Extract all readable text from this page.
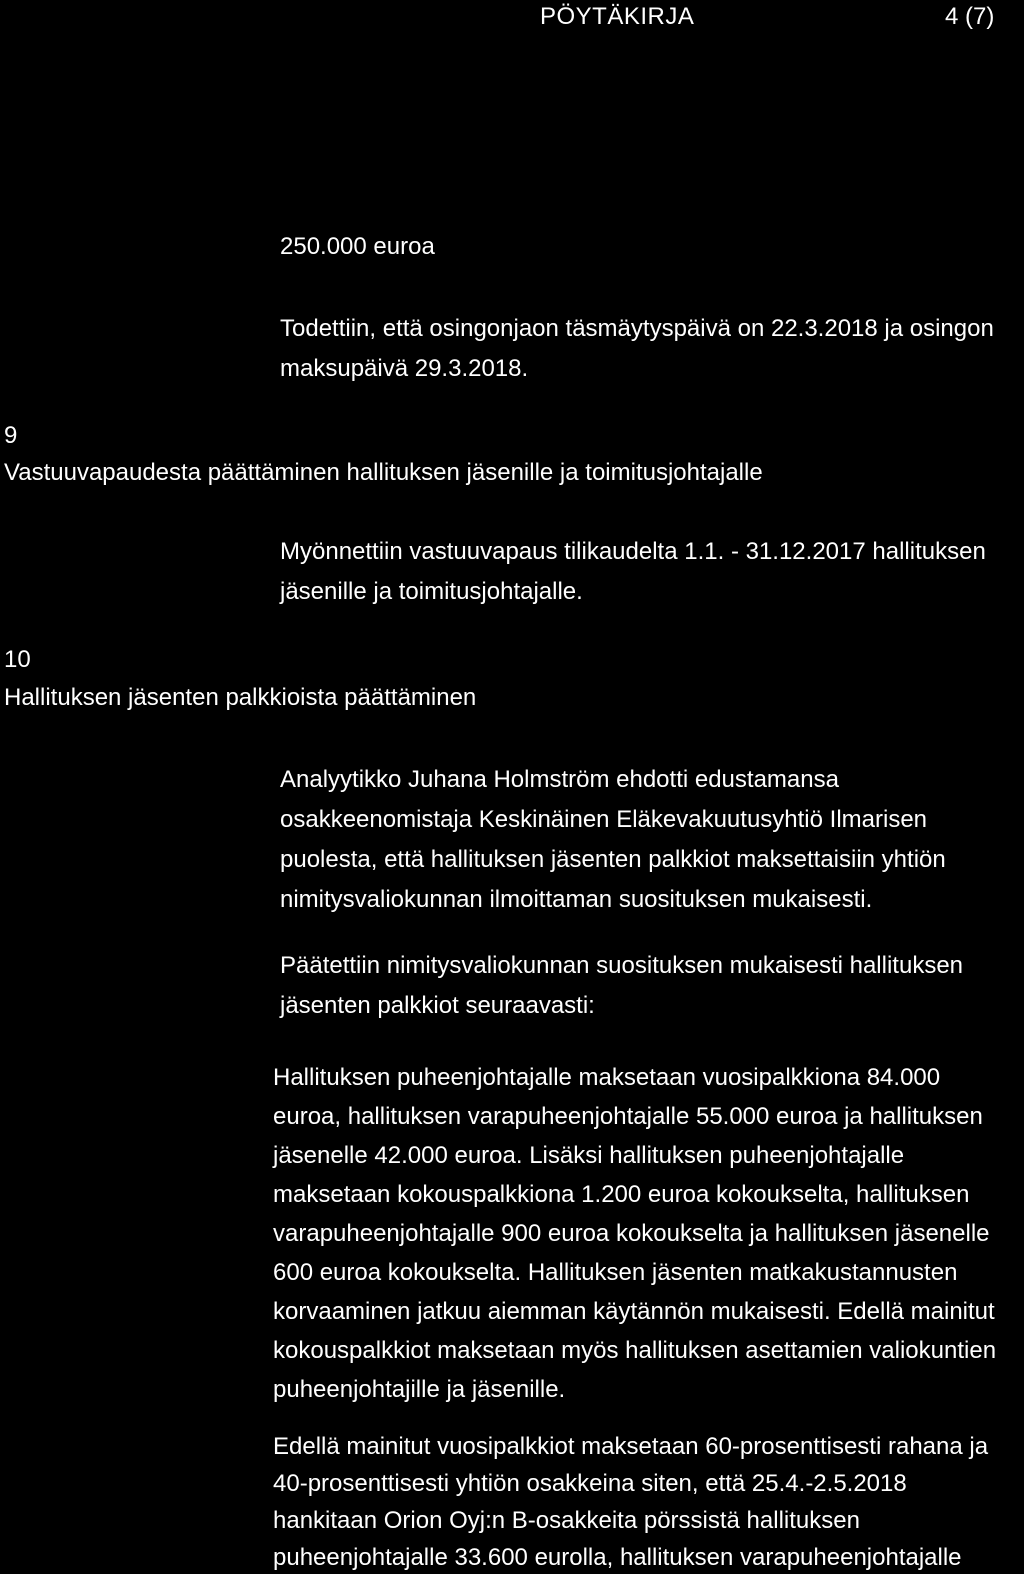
PÖYTÄKIRJA	4 (7)
250.000 euroa
Todettiin, että osingonjaon täsmäytyspäivä on 22.3.2018 ja osingon
maksupäivä 29.3.2018.
9
Vastuuvapaudesta päättäminen hallituksen jäsenille ja toimitusjohtajalle
Myönnettiin vastuuvapaus tilikaudelta 1.1. - 31.12.2017 hallituksen
jäsenille ja toimitusjohtajalle.
10
Hallituksen jäsenten palkkioista päättäminen
Analyytikko Juhana Holmström ehdotti edustamansa
osakkeenomistaja Keskinäinen Eläkevakuutusyhtiö Ilmarisen
puolesta, että hallituksen jäsenten palkkiot maksettaisiin yhtiön
nimitysvaliokunnan ilmoittaman suosituksen mukaisesti.
Päätettiin nimitysvaliokunnan suosituksen mukaisesti hallituksen
jäsenten palkkiot seuraavasti:
Hallituksen puheenjohtajalle maksetaan vuosipalkkiona 84.000
euroa, hallituksen varapuheenjohtajalle 55.000 euroa ja hallituksen
jäsenelle 42.000 euroa. Lisäksi hallituksen puheenjohtajalle
maksetaan kokouspalkkiona 1.200 euroa kokoukselta, hallituksen
varapuheenjohtajalle 900 euroa kokoukselta ja hallituksen jäsenelle
600 euroa kokoukselta. Hallituksen jäsenten matkakustannusten
korvaaminen jatkuu aiemman käytännön mukaisesti. Edellä mainitut
kokouspalkkiot maksetaan myös hallituksen asettamien valiokuntien
puheenjohtajille ja jäsenille.
Edellä mainitut vuosipalkkiot maksetaan 60-prosenttisesti rahana ja
40-prosenttisesti yhtiön osakkeina siten, että 25.4.-2.5.2018
hankitaan Orion Oyj:n B-osakkeita pörssistä hallituksen
puheenjohtajalle 33.600 eurolla, hallituksen varapuheenjohtajalle
